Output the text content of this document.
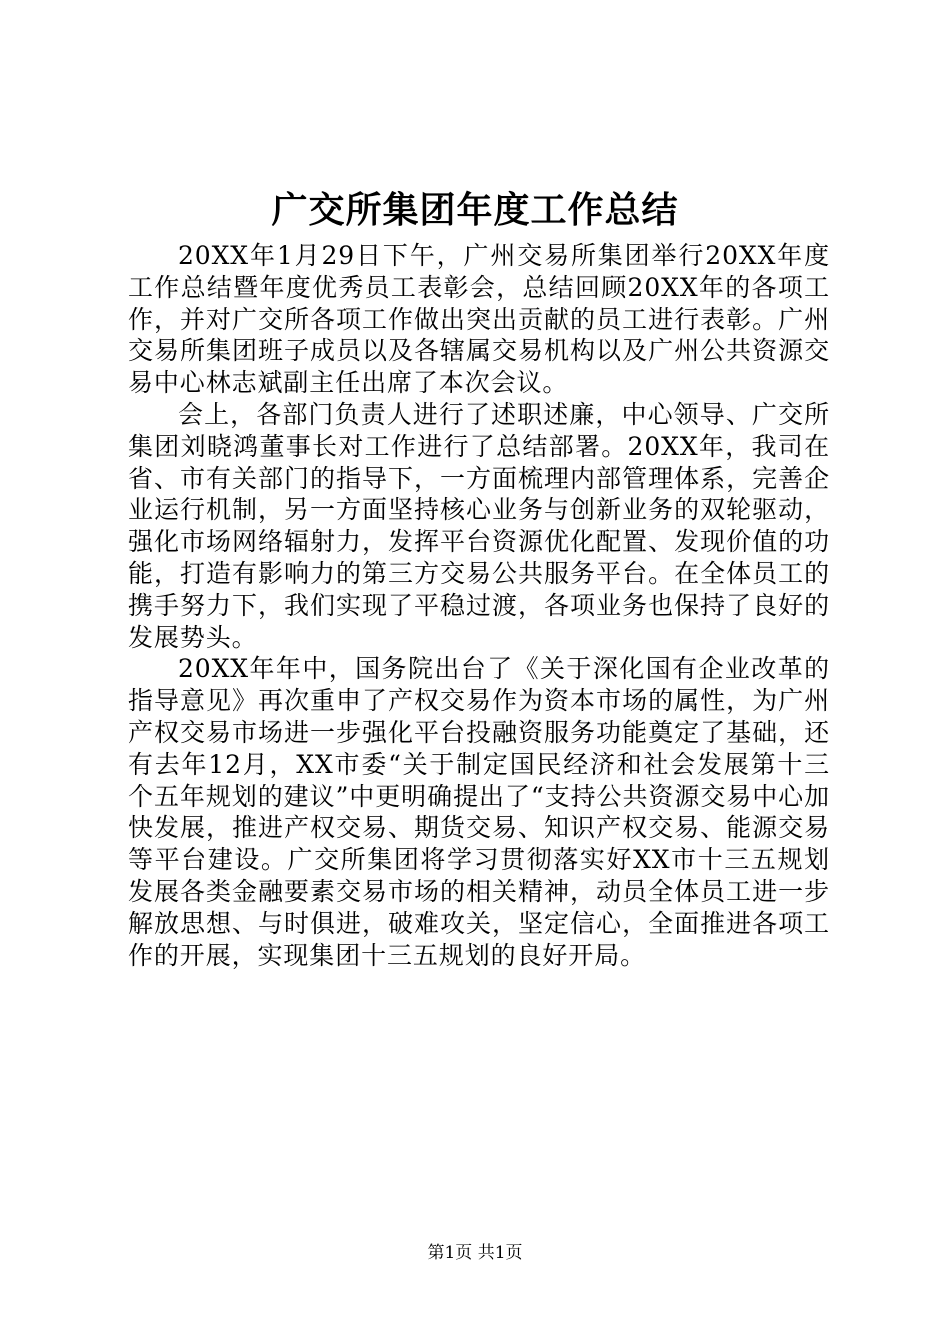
广交所集团年度工作总结

20XX年1月29日下午，广州交易所集团举行20XX年度工作总结暨年度优秀员工表彰会，总结回顾20XX年的各项工作，并对广交所各项工作做出突出贡献的员工进行表彰。广州交易所集团班子成员以及各辖属交易机构以及广州公共资源交易中心林志斌副主任出席了本次会议。

会上，各部门负责人进行了述职述廉，中心领导、广交所集团刘晓鸿董事长对工作进行了总结部署。20XX年，我司在省、市有关部门的指导下，一方面梳理内部管理体系，完善企业运行机制，另一方面坚持核心业务与创新业务的双轮驱动，强化市场网络辐射力，发挥平台资源优化配置、发现价值的功能，打造有影响力的第三方交易公共服务平台。在全体员工的携手努力下，我们实现了平稳过渡，各项业务也保持了良好的发展势头。

20XX年年中，国务院出台了《关于深化国有企业改革的指导意见》再次重申了产权交易作为资本市场的属性，为广州产权交易市场进一步强化平台投融资服务功能奠定了基础，还有去年12月，XX市委“关于制定国民经济和社会发展第十三个五年规划的建议”中更明确提出了“支持公共资源交易中心加快发展，推进产权交易、期货交易、知识产权交易、能源交易等平台建设。广交所集团将学习贯彻落实好XX市十三五规划发展各类金融要素交易市场的相关精神，动员全体员工进一步解放思想、与时俱进，破难攻关，坚定信心，全面推进各项工作的开展，实现集团十三五规划的良好开局。

第1页 共1页
